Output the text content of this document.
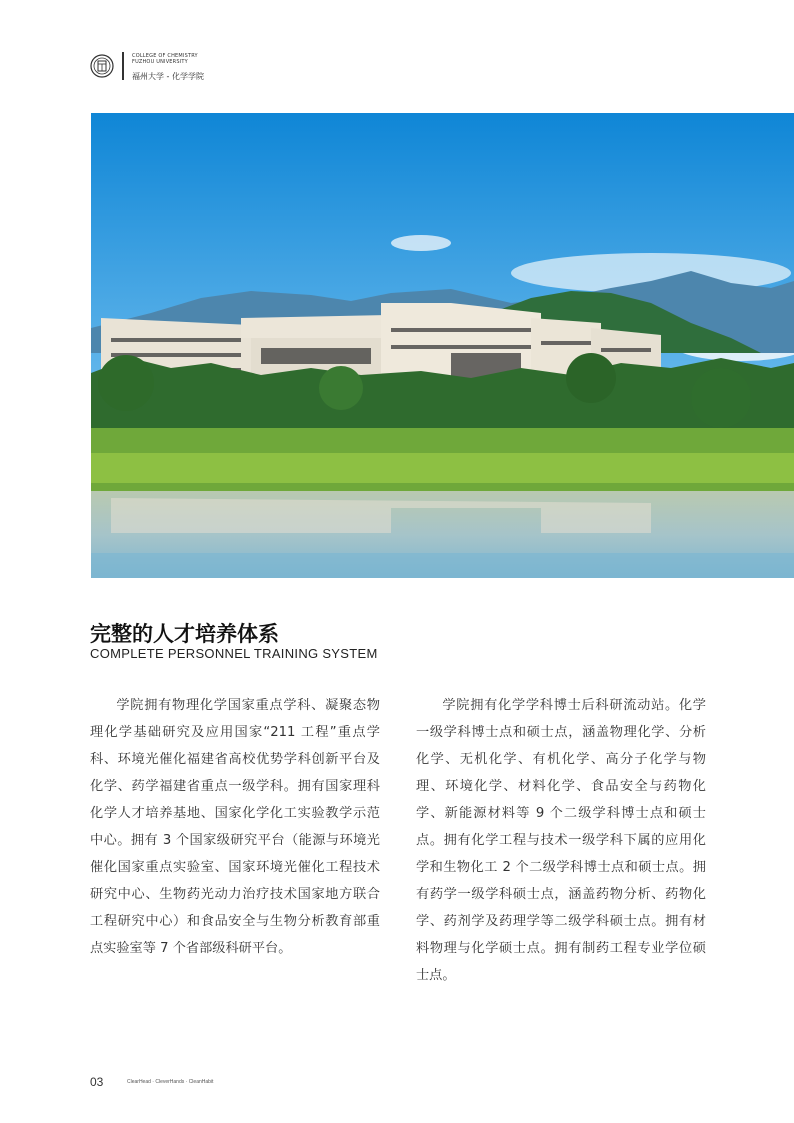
COLLEGE OF CHEMISTRY FUZHOU UNIVERSITY
福州大学 - 化学学院
完整的人才培养体系
COMPLETE PERSONNEL TRAINING SYSTEM

学院拥有物理化学国家重点学科、凝聚态物理化学基础研究及应用国家“211 工程”重点学科、环境光催化福建省高校优势学科创新平台及化学、药学福建省重点一级学科。拥有国家理科化学人才培养基地、国家化学化工实验教学示范中心。拥有 3 个国家级研究平台（能源与环境光催化国家重点实验室、国家环境光催化工程技术研究中心、生物药光动力治疗技术国家地方联合工程研究中心）和食品安全与生物分析教育部重点实验室等 7 个省部级科研平台。

学院拥有化学学科博士后科研流动站。化学一级学科博士点和硕士点，涵盖物理化学、分析化学、无机化学、有机化学、高分子化学与物理、环境化学、材料化学、食品安全与药物化学、新能源材料等 9 个二级学科博士点和硕士点。拥有化学工程与技术一级学科下属的应用化学和生物化工 2 个二级学科博士点和硕士点。拥有药学一级学科硕士点，涵盖药物分析、药物化学、药剂学及药理学等二级学科硕士点。拥有材料物理与化学硕士点。拥有制药工程专业学位硕士点。

03	ClearHead · CleverHands · CleanHabit
